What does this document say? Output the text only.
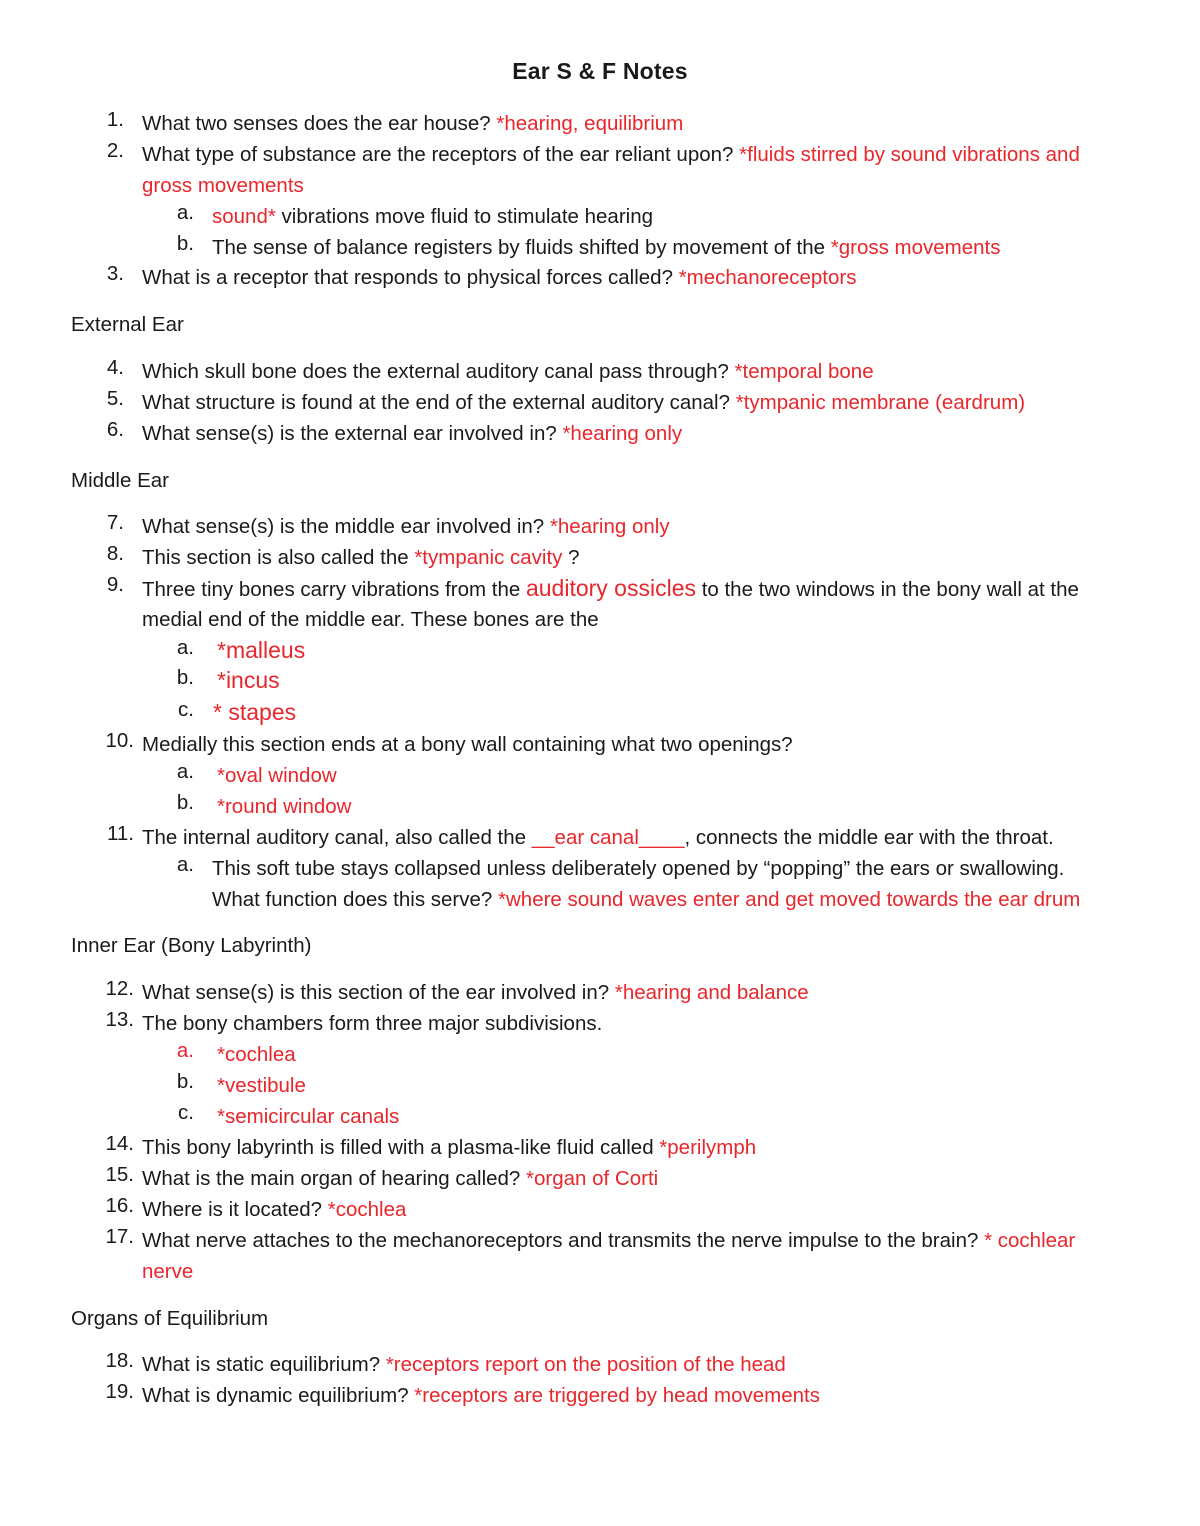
Ear S & F Notes
1. What two senses does the ear house? *hearing, equilibrium
2. What type of substance are the receptors of the ear reliant upon? *fluids stirred by sound vibrations and
gross movements
a. sound* vibrations move fluid to stimulate hearing
b. The sense of balance registers by fluids shifted by movement of the *gross movements
3. What is a receptor that responds to physical forces called? *mechanoreceptors
External Ear
4. Which skull bone does the external auditory canal pass through? *temporal bone
5. What structure is found at the end of the external auditory canal? *tympanic membrane (eardrum)
6. What sense(s) is the external ear involved in? *hearing only
Middle Ear
7. What sense(s) is the middle ear involved in? *hearing only
8. This section is also called the *tympanic cavity ?
9. Three tiny bones carry vibrations from the auditory ossicles to the two windows in the bony wall at the
medial end of the middle ear. These bones are the
a. *malleus
b. *incus
c. * stapes
10. Medially this section ends at a bony wall containing what two openings?
a. *oval window
b. *round window
11. The internal auditory canal, also called the __ear canal____, connects the middle ear with the throat.
a. This soft tube stays collapsed unless deliberately opened by “popping” the ears or swallowing.
What function does this serve? *where sound waves enter and get moved towards the ear drum
Inner Ear (Bony Labyrinth)
12. What sense(s) is this section of the ear involved in? *hearing and balance
13. The bony chambers form three major subdivisions.
a. *cochlea
b. *vestibule
c. *semicircular canals
14. This bony labyrinth is filled with a plasma-like fluid called *perilymph
15. What is the main organ of hearing called? *organ of Corti
16. Where is it located? *cochlea
17. What nerve attaches to the mechanoreceptors and transmits the nerve impulse to the brain? * cochlear
nerve
Organs of Equilibrium
18. What is static equilibrium? *receptors report on the position of the head
19. What is dynamic equilibrium? *receptors are triggered by head movements
